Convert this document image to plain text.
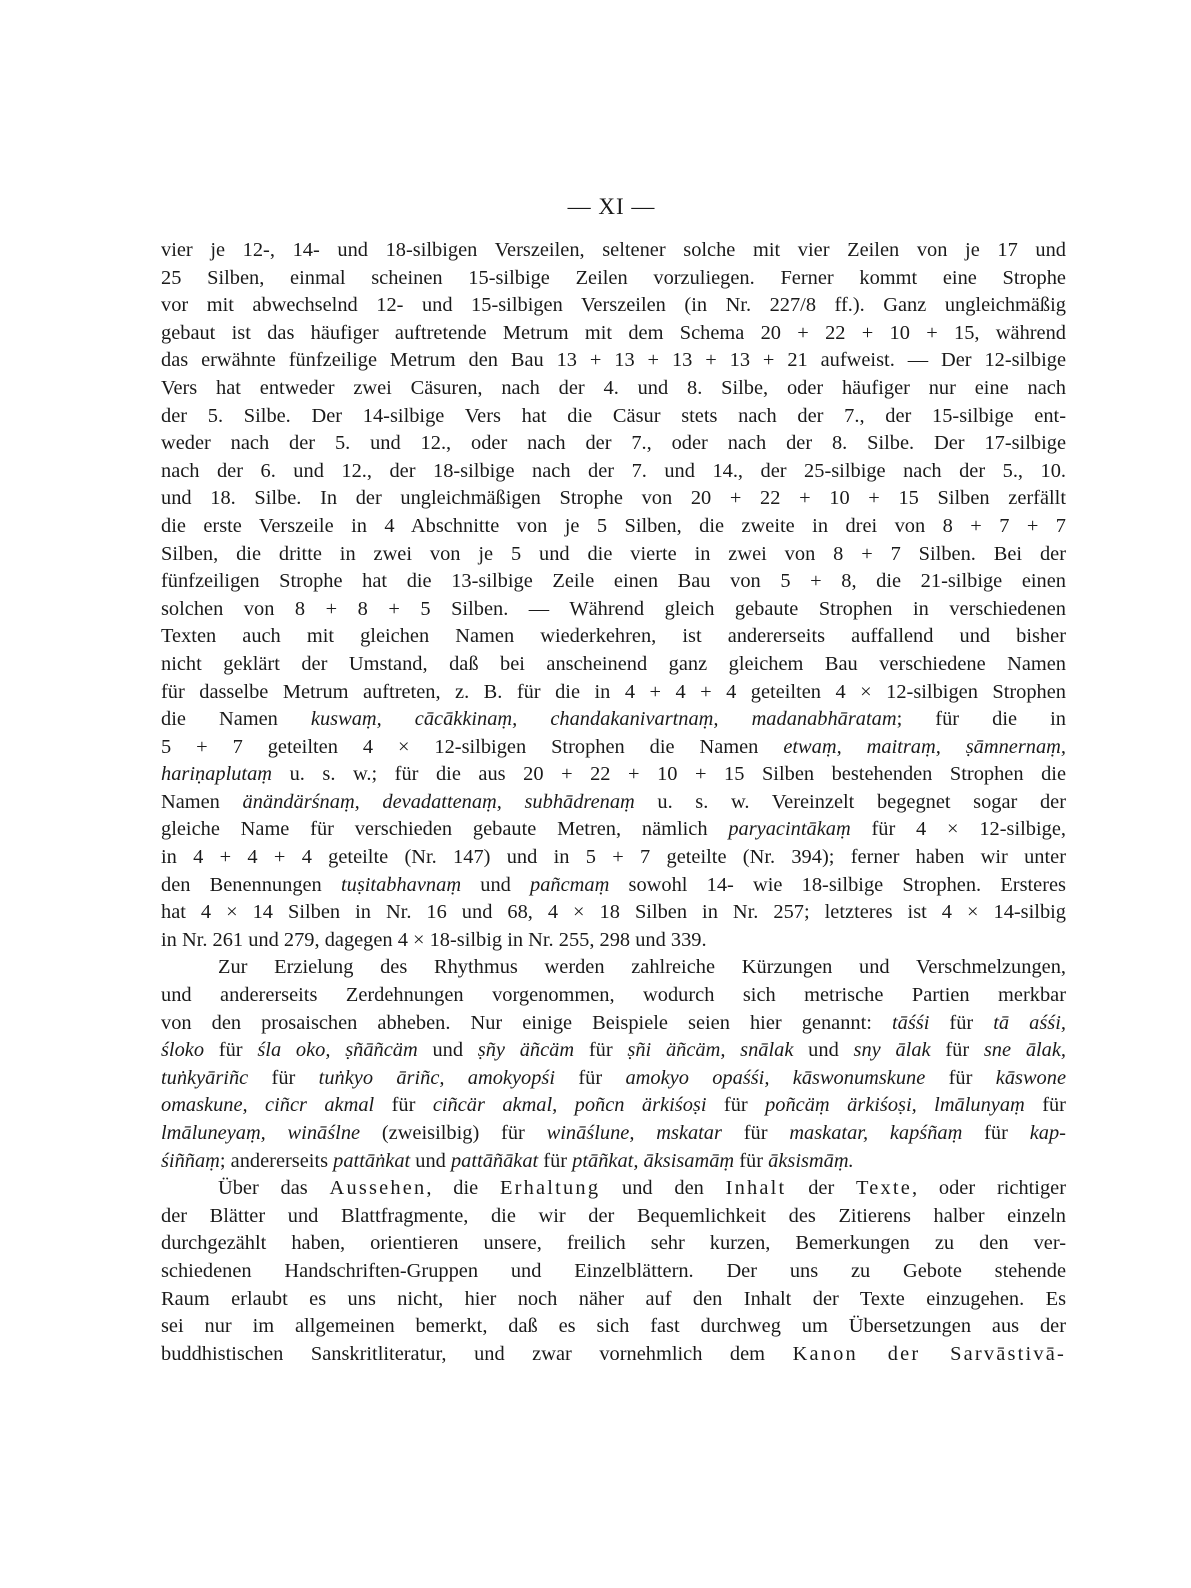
— XI —
vier je 12-, 14- und 18-silbigen Verszeilen, seltener solche mit vier Zeilen von je 17 und
25 Silben, einmal scheinen 15-silbige Zeilen vorzuliegen. Ferner kommt eine Strophe
vor mit abwechselnd 12- und 15-silbigen Verszeilen (in Nr. 227/8 ff.). Ganz ungleichmäßig
gebaut ist das häufiger auftretende Metrum mit dem Schema 20 + 22 + 10 + 15, während
das erwähnte fünfzeilige Metrum den Bau 13 + 13 + 13 + 13 + 21 aufweist. — Der 12-silbige
Vers hat entweder zwei Cäsuren, nach der 4. und 8. Silbe, oder häufiger nur eine nach
der 5. Silbe. Der 14-silbige Vers hat die Cäsur stets nach der 7., der 15-silbige ent-
weder nach der 5. und 12., oder nach der 7., oder nach der 8. Silbe. Der 17-silbige
nach der 6. und 12., der 18-silbige nach der 7. und 14., der 25-silbige nach der 5., 10.
und 18. Silbe. In der ungleichmäßigen Strophe von 20 + 22 + 10 + 15 Silben zerfällt
die erste Verszeile in 4 Abschnitte von je 5 Silben, die zweite in drei von 8 + 7 + 7
Silben, die dritte in zwei von je 5 und die vierte in zwei von 8 + 7 Silben. Bei der
fünfzeiligen Strophe hat die 13-silbige Zeile einen Bau von 5 + 8, die 21-silbige einen
solchen von 8 + 8 + 5 Silben. — Während gleich gebaute Strophen in verschiedenen
Texten auch mit gleichen Namen wiederkehren, ist andererseits auffallend und bisher
nicht geklärt der Umstand, daß bei anscheinend ganz gleichem Bau verschiedene Namen
für dasselbe Metrum auftreten, z. B. für die in 4 + 4 + 4 geteilten 4 × 12-silbigen Strophen
die Namen kuswaṃ, cācākkinaṃ, chandakanivartnaṃ, madanabhāratam; für die in
5 + 7 geteilten 4 × 12-silbigen Strophen die Namen etwaṃ, maitraṃ, ṣāmnernaṃ,
hariṇaplutaṃ u. s. w.; für die aus 20 + 22 + 10 + 15 Silben bestehenden Strophen die
Namen änändärśnaṃ, devadattenaṃ, subhādrenaṃ u. s. w. Vereinzelt begegnet sogar der
gleiche Name für verschieden gebaute Metren, nämlich paryacintākaṃ für 4 × 12-silbige,
in 4 + 4 + 4 geteilte (Nr. 147) und in 5 + 7 geteilte (Nr. 394); ferner haben wir unter
den Benennungen tuṣitabhavnaṃ und pañcmaṃ sowohl 14- wie 18-silbige Strophen. Ersteres
hat 4 × 14 Silben in Nr. 16 und 68, 4 × 18 Silben in Nr. 257; letzteres ist 4 × 14-silbig
in Nr. 261 und 279, dagegen 4 × 18-silbig in Nr. 255, 298 und 339.
Zur Erzielung des Rhythmus werden zahlreiche Kürzungen und Verschmelzungen,
und andererseits Zerdehnungen vorgenommen, wodurch sich metrische Partien merkbar
von den prosaischen abheben. Nur einige Beispiele seien hier genannt: tāśśi für tā aśśi,
śloko für śla oko, ṣñāñcäm und ṣñy äñcäm für ṣñi äñcäm, snālak und sny ālak für sne ālak,
tuṅkyāriñc für tuṅkyo āriñc, amokyopśi für amokyo opaśśi, kāswonumskune für kāswone
omaskune, ciñcr akmal für ciñcär akmal, poñcn ärkiśoṣi für poñcäṃ ärkiśoṣi, lmālunyaṃ für
lmāluneyaṃ, wināślne (zweisilbig) für wināślune, mskatar für maskatar, kapśñaṃ für kap-
śiññaṃ; andererseits pattāṅkat und pattāñākat für ptāñkat, āksisamāṃ für āksismāṃ.
Über das Aussehen, die Erhaltung und den Inhalt der Texte, oder richtiger
der Blätter und Blattfragmente, die wir der Bequemlichkeit des Zitierens halber einzeln
durchgezählt haben, orientieren unsere, freilich sehr kurzen, Bemerkungen zu den ver-
schiedenen Handschriften-Gruppen und Einzelblättern. Der uns zu Gebote stehende
Raum erlaubt es uns nicht, hier noch näher auf den Inhalt der Texte einzugehen. Es
sei nur im allgemeinen bemerkt, daß es sich fast durchweg um Übersetzungen aus der
buddhistischen Sanskritliteratur, und zwar vornehmlich dem Kanon der Sarvāstivā-
